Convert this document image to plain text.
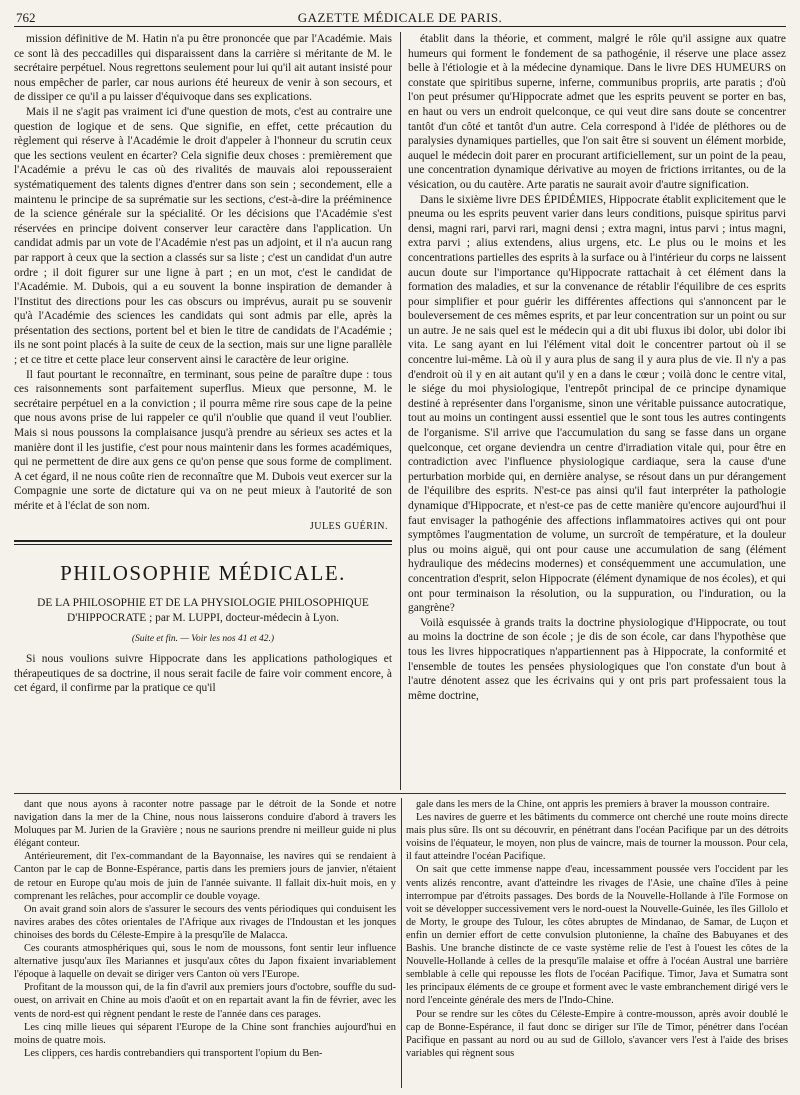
762	GAZETTE MÉDICALE DE PARIS.

mission définitive de M. Hatin n'a pu être prononcée que par l'Académie. Mais ce sont là des peccadilles qui disparaissent dans la carrière si méritante de M. le secrétaire perpétuel. Nous regrettons seulement pour lui qu'il ait autant insisté pour nous empêcher de parler, car nous aurions été heureux de venir à son secours, et de dissiper ce qu'il a pu laisser d'équivoque dans ses explications.

Mais il ne s'agit pas vraiment ici d'une question de mots, c'est au contraire une question de logique et de sens. Que signifie, en effet, cette précaution du règlement qui réserve à l'Académie le droit d'appeler à l'honneur du scrutin ceux que les sections veulent en écarter? Cela signifie deux choses : premièrement que l'Académie a prévu le cas où des rivalités de mauvais aloi repousseraient systématiquement des talents dignes d'entrer dans son sein ; secondement, elle a maintenu le principe de sa suprématie sur les sections, c'est-à-dire la prééminence de la science générale sur la spécialité. Or les décisions que l'Académie s'est réservées en principe doivent conserver leur caractère dans l'application. Un candidat admis par un vote de l'Académie n'est pas un adjoint, et il n'a aucun rang par rapport à ceux que la section a classés sur sa liste ; c'est un candidat d'un autre ordre ; il doit figurer sur une ligne à part ; en un mot, c'est le candidat de l'Académie. M. Dubois, qui a eu souvent la bonne inspiration de demander à l'Institut des directions pour les cas obscurs ou imprévus, aurait pu se souvenir qu'à l'Académie des sciences les candidats qui sont admis par elle, après la présentation des sections, portent bel et bien le titre de candidats de l'Académie ; ils ne sont point placés à la suite de ceux de la section, mais sur une ligne parallèle ; et ce titre et cette place leur conservent ainsi le caractère de leur origine.

Il faut pourtant le reconnaître, en terminant, sous peine de paraître dupe : tous ces raisonnements sont parfaitement superflus. Mieux que personne, M. le secrétaire perpétuel en a la conviction ; il pourra même rire sous cape de la peine que nous avons prise de lui rappeler ce qu'il n'oublie que quand il veut l'oublier. Mais si nous poussons la complaisance jusqu'à prendre au sérieux ses actes et la manière dont il les justifie, c'est pour nous maintenir dans les formes académiques, qui ne permettent de dire aux gens ce qu'on pense que sous forme de compliment. A cet égard, il ne nous coûte rien de reconnaître que M. Dubois veut exercer sur la Compagnie une sorte de dictature qui va on ne peut mieux à l'autorité de son mérite et à l'éclat de son nom.

JULES GUÉRIN.

PHILOSOPHIE MÉDICALE.
DE LA PHILOSOPHIE ET DE LA PHYSIOLOGIE PHILOSOPHIQUE D'HIPPOCRATE ; par M. LUPPI, docteur-médecin à Lyon.
(Suite et fin. — Voir les nos 41 et 42.)

Si nous voulions suivre Hippocrate dans les applications pathologiques et thérapeutiques de sa doctrine, il nous serait facile de faire voir comment encore, à cet égard, il confirme par la pratique ce qu'il

établit dans la théorie, et comment, malgré le rôle qu'il assigne aux quatre humeurs qui forment le fondement de sa pathogénie, il réserve une place assez belle à l'étiologie et à la médecine dynamique. Dans le livre DES HUMEURS on constate que spiritibus superne, inferne, communibus propriis, arte paratis ; d'où l'on peut présumer qu'Hippocrate admet que les esprits peuvent se porter en bas, en haut ou vers un endroit quelconque, ce qui veut dire sans doute se concentrer tantôt d'un côté et tantôt d'un autre. Cela correspond à l'idée de pléthores ou de paralysies dynamiques partielles, que l'on sait être si souvent un élément morbide, auquel le médecin doit parer en procurant artificiellement, sur un point de la peau, une concentration dynamique dérivative au moyen de frictions irritantes, ou de la vésication, ou du cautère. Arte paratis ne saurait avoir d'autre signification.

Dans le sixième livre DES ÉPIDÉMIES, Hippocrate établit explicitement que le pneuma ou les esprits peuvent varier dans leurs conditions, puisque spiritus parvi densi, magni rari, parvi rari, magni densi ; extra magni, intus parvi ; intus magni, extra parvi ; alius extendens, alius urgens, etc. Le plus ou le moins et les concentrations partielles des esprits à la surface ou à l'intérieur du corps ne laissent aucun doute sur l'importance qu'Hippocrate rattachait à cet élément dans la formation des maladies, et sur la convenance de rétablir l'équilibre de ces esprits pour simplifier et pour guérir les différentes affections qui s'annoncent par le bouleversement de ces mêmes esprits, et par leur concentration sur un point ou sur un autre. Je ne sais quel est le médecin qui a dit ubi fluxus ibi dolor, ubi dolor ibi vita. Le sang ayant en lui l'élément vital doit le concentrer partout où il se concentre lui-même. Là où il y aura plus de sang il y aura plus de vie. Il n'y a pas d'endroit où il y en ait autant qu'il y en a dans le cœur ; voilà donc le centre vital, le siége du moi physiologique, l'entrepôt principal de ce principe dynamique destiné à représenter dans l'organisme, sinon une véritable puissance autocratique, tout au moins un contingent aussi essentiel que le sont tous les autres contingents de l'organisme. S'il arrive que l'accumulation du sang se fasse dans un organe quelconque, cet organe deviendra un centre d'irradiation vitale qui, pour être en contradiction avec l'influence physiologique cardiaque, sera la cause d'une perturbation morbide qui, en dernière analyse, se résout dans un pur dérangement de l'équilibre des esprits. N'est-ce pas ainsi qu'il faut interpréter la pathologie dynamique d'Hippocrate, et n'est-ce pas de cette manière qu'encore aujourd'hui il faut envisager la pathogénie des affections inflammatoires actives qui ont pour symptômes l'augmentation de volume, un surcroît de température, et la douleur plus ou moins aiguë, qui ont pour cause une accumulation de sang (élément hydraulique des médecins modernes) et conséquemment une accumulation, une concentration d'esprit, selon Hippocrate (élément dynamique de nos écoles), et qui ont pour terminaison la résolution, ou la suppuration, ou l'induration, ou la gangrène?

Voilà esquissée à grands traits la doctrine physiologique d'Hippocrate, ou tout au moins la doctrine de son école ; je dis de son école, car dans l'hypothèse que tous les livres hippocratiques n'appartiennent pas à Hippocrate, la conformité et l'ensemble de toutes les pensées physiologiques que l'on constate d'un bout à l'autre dénotent assez que les écrivains qui y ont pris part professaient tous la même doctrine,

dant que nous ayons à raconter notre passage par le détroit de la Sonde et notre navigation dans la mer de la Chine, nous nous laisserons conduire d'abord à travers les Moluques par M. Jurien de la Gravière ; nous ne saurions prendre ni meilleur guide ni plus élégant conteur.

Antérieurement, dit l'ex-commandant de la Bayonnaise, les navires qui se rendaient à Canton par le cap de Bonne-Espérance, partis dans les premiers jours de janvier, n'étaient de retour en Europe qu'au mois de juin de l'année suivante. Il fallait dix-huit mois, en y comprenant les relâches, pour accomplir ce double voyage.

On avait grand soin alors de s'assurer le secours des vents périodiques qui conduisent les navires arabes des côtes orientales de l'Afrique aux rivages de l'Indoustan et les jonques chinoises des bords du Céleste-Empire à la presqu'île de Malacca.

Ces courants atmosphériques qui, sous le nom de moussons, font sentir leur influence alternative jusqu'aux îles Mariannes et jusqu'aux côtes du Japon fixaient invariablement l'époque à laquelle on devait se diriger vers Canton où vers l'Europe.

Profitant de la mousson qui, de la fin d'avril aux premiers jours d'octobre, souffle du sud-ouest, on arrivait en Chine au mois d'août et on en repartait avant la fin de février, avec les vents de nord-est qui règnent pendant le reste de l'année dans ces parages.

Les cinq mille lieues qui séparent l'Europe de la Chine sont franchies aujourd'hui en moins de quatre mois.

Les clippers, ces hardis contrebandiers qui transportent l'opium du Ben-

gale dans les mers de la Chine, ont appris les premiers à braver la mousson contraire.

Les navires de guerre et les bâtiments du commerce ont cherché une route moins directe mais plus sûre. Ils ont su découvrir, en pénétrant dans l'océan Pacifique par un des détroits voisins de l'équateur, le moyen, non plus de vaincre, mais de tourner la mousson. Pour cela, il faut atteindre l'océan Pacifique.

On sait que cette immense nappe d'eau, incessamment poussée vers l'occident par les vents alizés rencontre, avant d'atteindre les rivages de l'Asie, une chaîne d'îles à peine interrompue par d'étroits passages. Des bords de la Nouvelle-Hollande à l'île Formose on voit se développer successivement vers le nord-ouest la Nouvelle-Guinée, les îles Gillolo et de Morty, le groupe des Tulour, les côtes abruptes de Mindanao, de Samar, de Luçon et enfin un dernier effort de cette convulsion plutonienne, la chaîne des Babuyanes et des Bashis. Une branche distincte de ce vaste système relie de l'est à l'ouest les côtes de la Nouvelle-Hollande à celles de la presqu'île malaise et offre à l'océan Austral une barrière semblable à celle qui repousse les flots de l'océan Pacifique. Timor, Java et Sumatra sont les principaux éléments de ce groupe et forment avec le vaste embranchement dirigé vers le nord l'enceinte générale des mers de l'Indo-Chine.

Pour se rendre sur les côtes du Céleste-Empire à contre-mousson, après avoir doublé le cap de Bonne-Espérance, il faut donc se diriger sur l'île de Timor, pénétrer dans l'océan Pacifique en passant au nord ou au sud de Gillolo, s'avancer vers l'est à l'aide des brises variables qui règnent sous
